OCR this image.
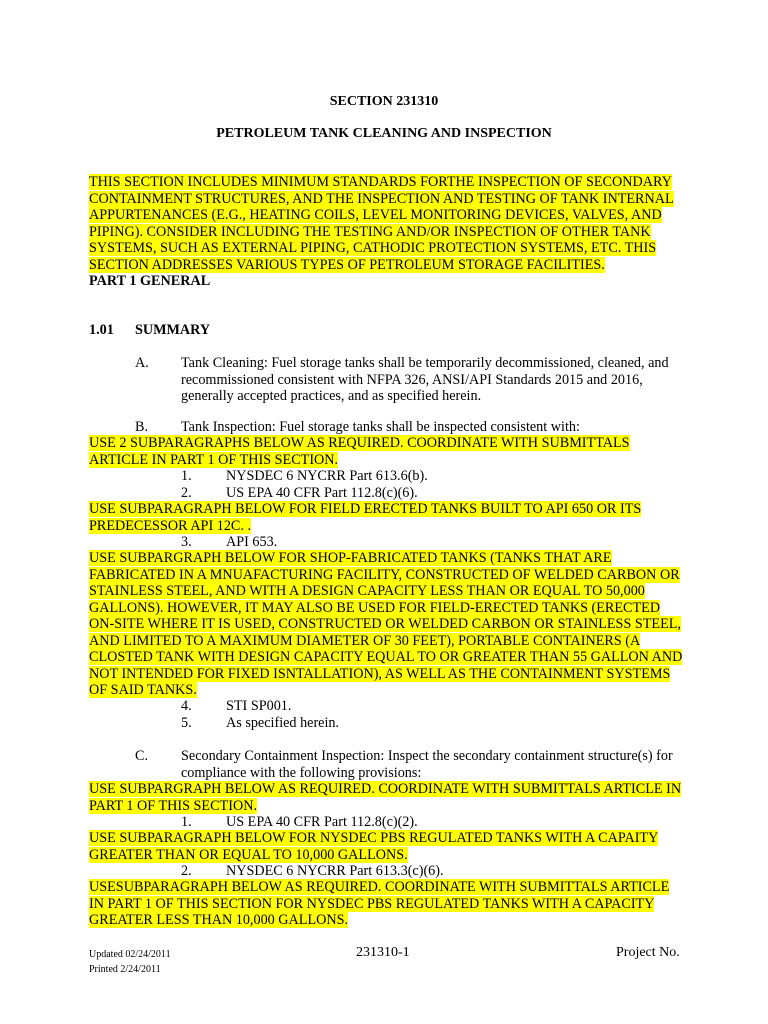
SECTION 231310
PETROLEUM TANK CLEANING AND INSPECTION
THIS SECTION INCLUDES MINIMUM STANDARDS FORTHE INSPECTION OF SECONDARY
CONTAINMENT STRUCTURES, AND THE INSPECTION AND TESTING OF TANK INTERNAL
APPURTENANCES (E.G., HEATING COILS, LEVEL MONITORING DEVICES, VALVES, AND
PIPING). CONSIDER INCLUDING THE TESTING AND/OR INSPECTION OF OTHER TANK
SYSTEMS, SUCH AS EXTERNAL PIPING, CATHODIC PROTECTION SYSTEMS, ETC. THIS
SECTION ADDRESSES VARIOUS TYPES OF PETROLEUM STORAGE FACILITIES.
PART 1 GENERAL
1.01 SUMMARY
A. Tank Cleaning: Fuel storage tanks shall be temporarily decommissioned, cleaned, and
recommissioned consistent with NFPA 326, ANSI/API Standards 2015 and 2016,
generally accepted practices, and as specified herein.
B. Tank Inspection: Fuel storage tanks shall be inspected consistent with:
USE 2 SUBPARAGRAPHS BELOW AS REQUIRED. COORDINATE WITH SUBMITTALS
ARTICLE IN PART 1 OF THIS SECTION.
1. NYSDEC 6 NYCRR Part 613.6(b).
2. US EPA 40 CFR Part 112.8(c)(6).
USE SUBPARAGRAPH BELOW FOR FIELD ERECTED TANKS BUILT TO API 650 OR ITS
PREDECESSOR API 12C. .
3. API 653.
USE SUBPARGRAPH BELOW FOR SHOP-FABRICATED TANKS (TANKS THAT ARE
FABRICATED IN A MNUAFACTURING FACILITY, CONSTRUCTED OF WELDED CARBON OR
STAINLESS STEEL, AND WITH A DESIGN CAPACITY LESS THAN OR EQUAL TO 50,000
GALLONS). HOWEVER, IT MAY ALSO BE USED FOR FIELD-ERECTED TANKS (ERECTED
ON-SITE WHERE IT IS USED, CONSTRUCTED OR WELDED CARBON OR STAINLESS STEEL,
AND LIMITED TO A MAXIMUM DIAMETER OF 30 FEET), PORTABLE CONTAINERS (A
CLOSTED TANK WITH DESIGN CAPACITY EQUAL TO OR GREATER THAN 55 GALLON AND
NOT INTENDED FOR FIXED ISNTALLATION), AS WELL AS THE CONTAINMENT SYSTEMS
OF SAID TANKS.
4. STI SP001.
5. As specified herein.
C. Secondary Containment Inspection: Inspect the secondary containment structure(s) for
compliance with the following provisions:
USE SUBPARGRAPH BELOW AS REQUIRED. COORDINATE WITH SUBMITTALS ARTICLE IN
PART 1 OF THIS SECTION.
1. US EPA 40 CFR Part 112.8(c)(2).
USE SUBPARAGRAPH BELOW FOR NYSDEC PBS REGULATED TANKS WITH A CAPAITY
GREATER THAN OR EQUAL TO 10,000 GALLONS.
2. NYSDEC 6 NYCRR Part 613.3(c)(6).
USESUBPARAGRAPH BELOW AS REQUIRED. COORDINATE WITH SUBMITTALS ARTICLE
IN PART 1 OF THIS SECTION FOR NYSDEC PBS REGULATED TANKS WITH A CAPACITY
GREATER LESS THAN 10,000 GALLONS.
Updated 02/24/2011
Printed 2/24/2011
231310-1	Project No.
